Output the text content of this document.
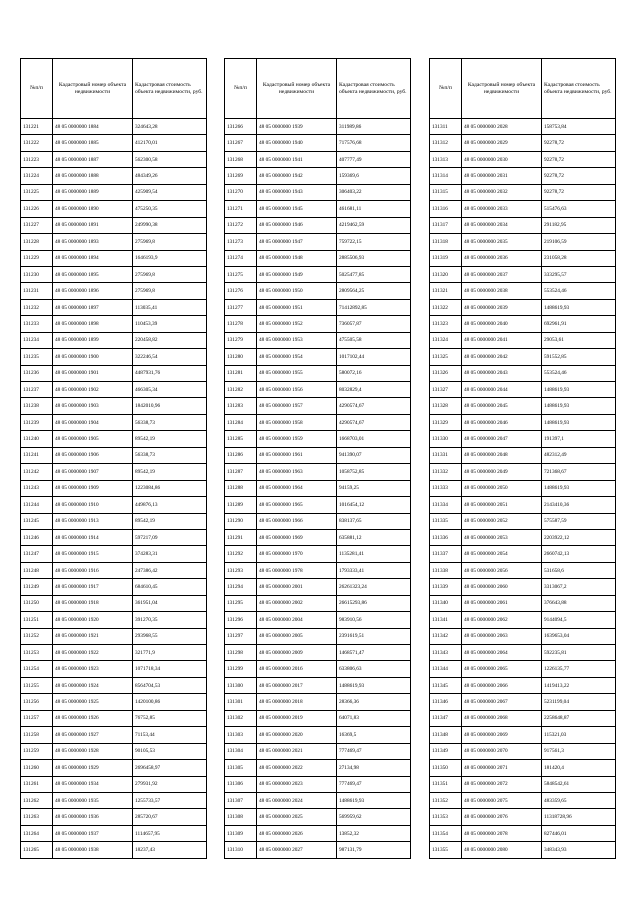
№п/п	Кадастровый номер объекта недвижимости	Кадастровая стоимость объекта недвижимости, руб.
131221	48 05 0000000 1884	324643,28
131222	48 05 0000000 1885	412170,01
131223	48 05 0000000 1887	562300,58
131224	48 05 0000000 1888	484349,26
131225	48 05 0000000 1889	425909,54
131226	48 05 0000000 1890	475250,35
131227	48 05 0000000 1891	249990,38
131228	48 05 0000000 1893	275969,8
131229	48 05 0000000 1894	1646193,9
131230	48 05 0000000 1895	275969,8
131231	48 05 0000000 1896	275969,8
131232	48 05 0000000 1897	113035,41
131233	48 05 0000000 1898	110453,39
131234	48 05 0000000 1899	220458,82
131235	48 05 0000000 1900	322246,54
131236	48 05 0000000 1901	4487931,76
131237	48 05 0000000 1902	466305,34
131238	48 05 0000000 1903	1842010,96
131239	48 05 0000000 1904	56338,73
131240	48 05 0000000 1905	89542,19
131241	48 05 0000000 1906	56338,73
131242	48 05 0000000 1907	89542,19
131243	48 05 0000000 1909	1223084,86
131244	48 05 0000000 1910	449876,13
131245	48 05 0000000 1913	89542,19
131246	48 05 0000000 1914	597217,09
131247	48 05 0000000 1915	374283,31
131248	48 05 0000000 1916	247386,42
131249	48 05 0000000 1917	684610,45
131250	48 05 0000000 1918	361951,04
131251	48 05 0000000 1920	391270,35
131252	48 05 0000000 1921	293968,55
131253	48 05 0000000 1922	321771,9
131254	48 05 0000000 1923	1071718,34
131255	48 05 0000000 1924	8564704,53
131256	48 05 0000000 1925	1420100,86
131257	48 05 0000000 1926	76752,85
131258	48 05 0000000 1927	71153,44
131259	48 05 0000000 1928	90105,53
131260	48 05 0000000 1929	2696458,97
131261	48 05 0000000 1934	279931,92
131262	48 05 0000000 1935	1255733,57
131263	48 05 0000000 1936	285720,67
131264	48 05 0000000 1937	1114657,95
131265	48 05 0000000 1938	18237,43
№п/п	Кадастровый номер объекта недвижимости	Кадастровая стоимость объекта недвижимости, руб.
131266	48 05 0000000 1939	311989,86
131267	48 05 0000000 1940	717576,68
131268	48 05 0000000 1941	407777,49
131269	48 05 0000000 1942	159369,6
131270	48 05 0000000 1943	306403,22
131271	48 05 0000000 1945	461681,11
131272	48 05 0000000 1946	4219462,59
131273	48 05 0000000 1947	759722,15
131274	48 05 0000000 1948	2885506,93
131275	48 05 0000000 1949	5025477,85
131276	48 05 0000000 1950	2809564,25
131277	48 05 0000000 1951	71412892,85
131278	48 05 0000000 1952	736057,87
131279	48 05 0000000 1953	475505,58
131280	48 05 0000000 1954	1017102,44
131281	48 05 0000000 1955	580072,16
131282	48 05 0000000 1956	8032829,4
131283	48 05 0000000 1957	4290574,67
131284	48 05 0000000 1958	4290574,67
131285	48 05 0000000 1959	1668703,01
131286	48 05 0000000 1961	941390,07
131287	48 05 0000000 1963	1058752,85
131288	48 05 0000000 1964	94159,25
131289	48 05 0000000 1965	1016454,12
131290	48 05 0000000 1966	838137,65
131291	48 05 0000000 1969	635881,12
131292	48 05 0000000 1970	1135281,41
131293	48 05 0000000 1978	1793333,41
131294	48 05 0000000 2001	26261323,24
131295	48 05 0000000 2002	26615293,86
131296	48 05 0000000 2004	983910,56
131297	48 05 0000000 2005	2391619,51
131298	48 05 0000000 2009	1468571,47
131299	48 05 0000000 2016	633806,63
131300	48 05 0000000 2017	1488619,93
131301	48 05 0000000 2018	28366,36
131302	48 05 0000000 2019	64071,83
131303	48 05 0000000 2020	16369,5
131304	48 05 0000000 2021	777469,47
131305	48 05 0000000 2022	27134,98
131306	48 05 0000000 2023	777469,47
131307	48 05 0000000 2024	1488619,93
131308	48 05 0000000 2025	569959,62
131309	48 05 0000000 2026	13852,32
131310	48 05 0000000 2027	987131,79
№п/п	Кадастровый номер объекта недвижимости	Кадастровая стоимость объекта недвижимости, руб.
131311	48 05 0000000 2028	158753,84
131312	48 05 0000000 2029	92278,72
131313	48 05 0000000 2030	92278,72
131314	48 05 0000000 2031	92278,72
131315	48 05 0000000 2032	92278,72
131316	48 05 0000000 2033	515476,63
131317	48 05 0000000 2034	291182,95
131318	48 05 0000000 2035	219106,59
131319	48 05 0000000 2036	231058,28
131320	48 05 0000000 2037	333295,57
131321	48 05 0000000 2038	553524,46
131322	48 05 0000000 2039	1488619,93
131323	48 05 0000000 2040	692961,91
131324	48 05 0000000 2041	29053,61
131325	48 05 0000000 2042	591552,85
131326	48 05 0000000 2043	553524,46
131327	48 05 0000000 2044	1488619,93
131328	48 05 0000000 2045	1488619,93
131329	48 05 0000000 2046	1488619,93
131330	48 05 0000000 2047	191397,1
131331	48 05 0000000 2048	482312,49
131332	48 05 0000000 2049	721368,67
131333	48 05 0000000 2050	1488619,93
131334	48 05 0000000 2051	2143410,36
131335	48 05 0000000 2052	575587,59
131336	48 05 0000000 2053	2203922,12
131337	48 05 0000000 2054	2660742,13
131338	48 05 0000000 2056	531658,6
131339	48 05 0000000 2060	3313067,2
131340	48 05 0000000 2061	376643,88
131341	48 05 0000000 2062	9144094,5
131342	48 05 0000000 2063	1639653,04
131343	48 05 0000000 2064	592235,81
131344	48 05 0000000 2065	1226135,77
131345	48 05 0000000 2066	1419413,22
131346	48 05 0000000 2067	5231199,04
131347	48 05 0000000 2068	2258648,87
131348	48 05 0000000 2069	115321,03
131349	48 05 0000000 2070	917561,3
131350	48 05 0000000 2071	181420,4
131351	48 05 0000000 2072	5848542,61
131352	48 05 0000000 2075	483359,65
131353	48 05 0000000 2076	11318728,96
131354	48 05 0000000 2078	827446,01
131355	48 05 0000000 2080	348343,93
